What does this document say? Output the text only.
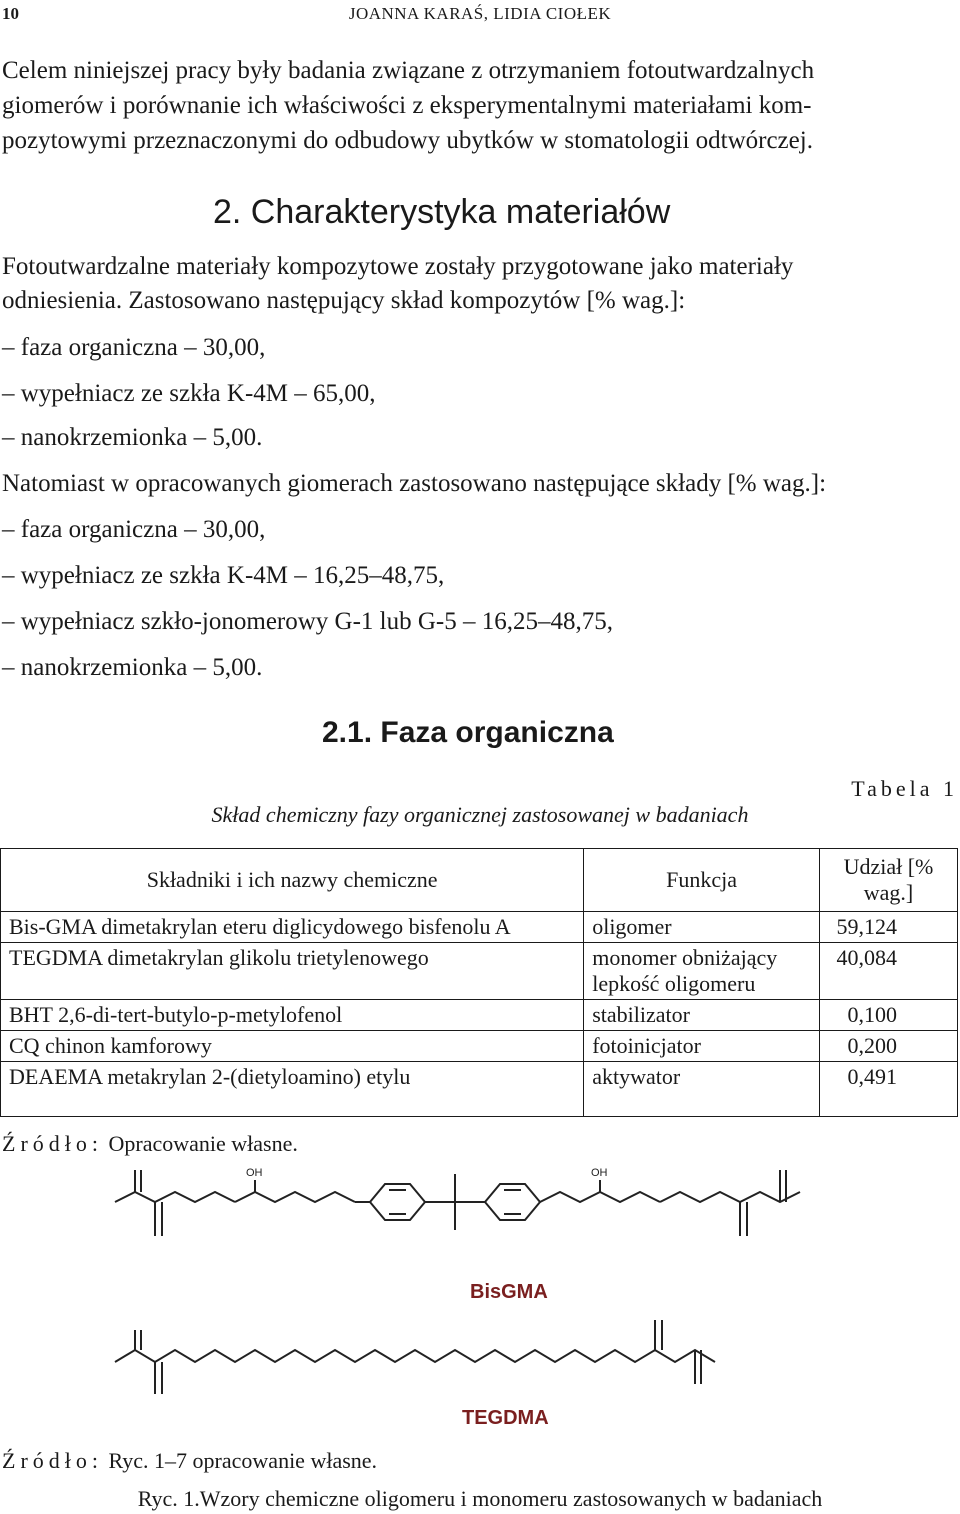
10	JOANNA KARAŚ, LIDIA CIOŁEK
Celem niniejszej pracy były badania związane z otrzymaniem fotoutwardzalnych
giomerów i porównanie ich właściwości z eksperymentalnymi materiałami kom-
pozytowymi przeznaczonymi do odbudowy ubytków w stomatologii odtwórczej.
2. Charakterystyka materiałów
Fotoutwardzalne materiały kompozytowe zostały przygotowane jako materiały
odniesienia. Zastosowano następujący skład kompozytów [% wag.]:
– faza organiczna – 30,00,
– wypełniacz ze szkła K-4M – 65,00,
– nanokrzemionka – 5,00.
Natomiast w opracowanych giomerach zastosowano następujące składy [% wag.]:
– faza organiczna – 30,00,
– wypełniacz ze szkła K-4M – 16,25–48,75,
– wypełniacz szkło-jonomerowy G-1 lub G-5 – 16,25–48,75,
– nanokrzemionka – 5,00.
2.1. Faza organiczna
Tabela 1
Skład chemiczny fazy organicznej zastosowanej w badaniach
Składniki i ich nazwy chemiczne	Funkcja	Udział [% wag.]
Bis-GMA dimetakrylan eteru diglicydowego bisfenolu A	oligomer	59,124
TEGDMA dimetakrylan glikolu trietylenowego	monomer obniżający lepkość oligomeru	40,084
BHT 2,6-di-tert-butylo-p-metylofenol	stabilizator	0,100
CQ chinon kamforowy	fotoinicjator	0,200
DEAEMA metakrylan 2-(dietyloamino) etylu	aktywator	0,491
Źródło: Opracowanie własne.
OH	OH
BisGMA
TEGDMA
Źródło: Ryc. 1–7 opracowanie własne.
Ryc. 1.Wzory chemiczne oligomeru i monomeru zastosowanych w badaniach
